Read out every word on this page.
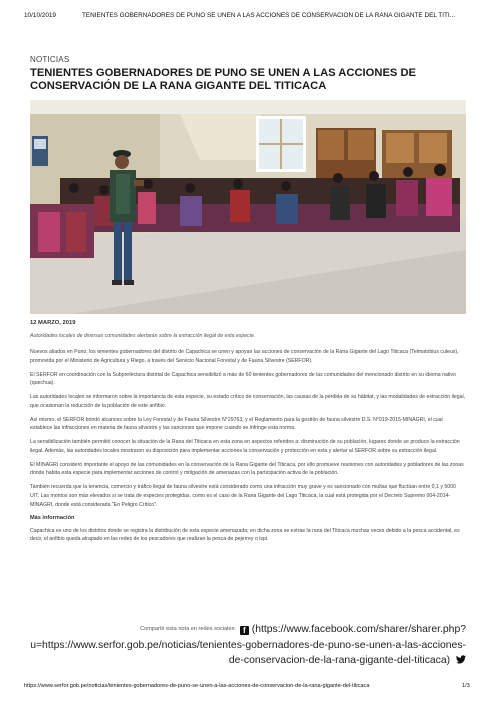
10/10/2019	TENIENTES GOBERNADORES DE PUNO SE UNEN A LAS ACCIONES DE CONSERVACIÓN DE LA RANA GIGANTE DEL TITI...
NOTICIAS
TENIENTES GOBERNADORES DE PUNO SE UNEN A LAS ACCIONES DE CONSERVACIÓN DE LA RANA GIGANTE DEL TITICACA
12 MARZO, 2019
Autoridades locales de diversas comunidades alertarán sobre la extracción ilegal de esta especie.
Nuevos aliados en Puno, los tenientes gobernadores del distrito de Capachica se unen y apoyan las acciones de conservación de la Rana Gigante del Lago Titicaca (Telmatobius culeus), promovida por el Ministerio de Agricultura y Riego, a través del Servicio Nacional Forestal y de Fauna Silvestre (SERFOR).
El SERFOR en coordinación con la Subprefectura distrital de Capachica sensibilizó a más de 60 tenientes gobernadores de las comunidades del mencionado distrito en su idioma nativo (quechua).
Las autoridades locales se informaron sobre la importancia de esta especie, su estado crítico de conservación, las causas de la pérdida de su hábitat, y las modalidades de extracción ilegal, que ocasionan la reducción de la población de este anfibio.
Así mismo, el SERFOR brindó alcances sobre la Ley Forestal y de Fauna Silvestre N°29763, y el Reglamento para la gestión de fauna silvestre D.S. N°019-2015-MINAGRI, el cual establece las infracciones en materia de fauna silvestre y las sanciones que impone cuando se infringe esta norma.
La sensibilización también permitió conocer la situación de la Rana del Titicaca en esta zona en aspectos referidos a: disminución de su población, lugares donde se produce la extracción ilegal. Además, las autoridades locales mostraron su disposición para implementar acciones la conservación y protección en esta y alertar al SERFOR sobre su extracción ilegal.
El MINAGRI consideró importante el apoyo de las comunidades en la conservación de la Rana Gigante del Titicaca, por ello promueve reuniones con autoridades y pobladores de las zonas donde habita esta especie para implementar acciones de control y mitigación de amenazas con la participación activa de la población.
También recuerda que la tenencia, comercio y tráfico ilegal de fauna silvestre está considerado como una infracción muy grave y es sancionado con multas que fluctúan entre 0,1 y 5000 UIT. Las montos son más elevados si se trata de especies protegidas, como es el caso de la Rana Gigante del Lago Titicaca, la cual está protegida por el Decreto Supremo 004-2014-MINAGRI, donde está considerada "En Peligro Crítico".
Más información
Capachica es uno de los distritos donde se registra la distribución de esta especie amenazada; en dicha zona se extrae la rana del Titicaca muchas veces debido a la pesca accidental, es decir, el anfibio queda atrapado en las redes de los pescadores que realizan la pesca de pejerrey o ispi.
Compartir esta nota en redes sociales: f (https://www.facebook.com/sharer/sharer.php?u=https://www.serfor.gob.pe/noticias/tenientes-gobernadores-de-puno-se-unen-a-las-acciones-de-conservacion-de-la-rana-gigante-del-titicaca)
https://www.serfor.gob.pe/noticias/tenientes-gobernadores-de-puno-se-unen-a-las-acciones-de-conservacion-de-la-rana-gigante-del-titicaca	1/3
